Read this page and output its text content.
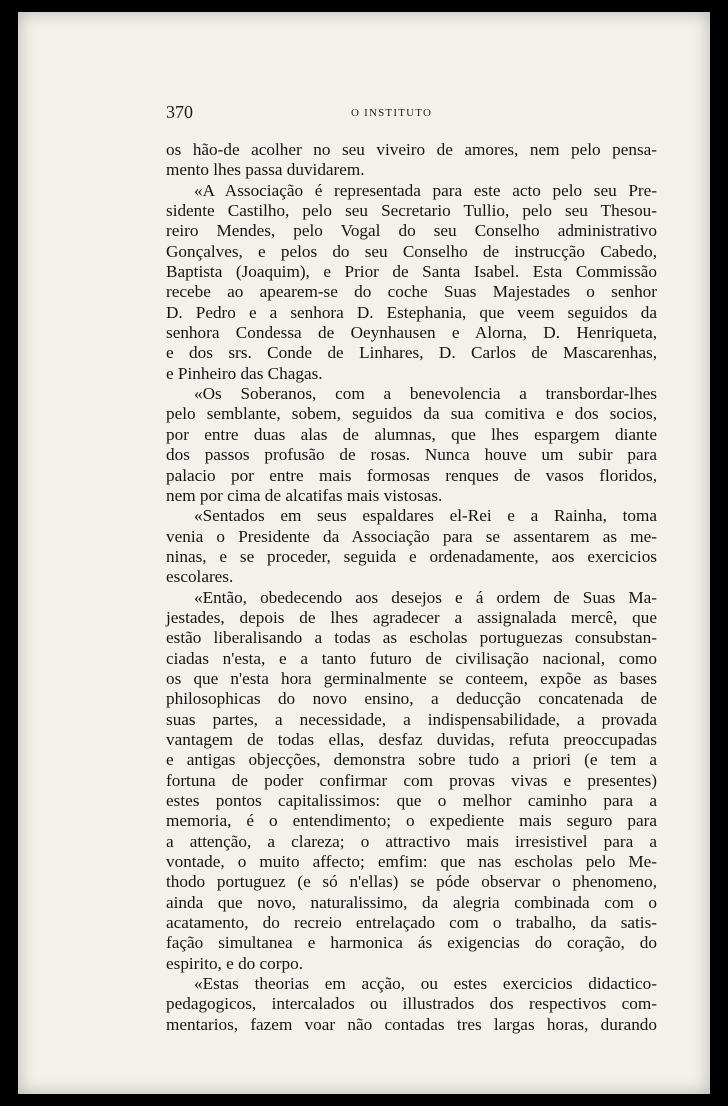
370	O INSTITUTO
os hão-de acolher no seu viveiro de amores, nem pelo pensa-
mento lhes passa duvidarem.
«A Associação é representada para este acto pelo seu Pre-
sidente Castilho, pelo seu Secretario Tullio, pelo seu Thesou-
reiro Mendes, pelo Vogal do seu Conselho administrativo
Gonçalves, e pelos do seu Conselho de instrucção Cabedo,
Baptista (Joaquim), e Prior de Santa Isabel. Esta Commissão
recebe ao apearem-se do coche Suas Majestades o senhor
D. Pedro e a senhora D. Estephania, que veem seguidos da
senhora Condessa de Oeynhausen e Alorna, D. Henriqueta,
e dos srs. Conde de Linhares, D. Carlos de Mascarenhas,
e Pinheiro das Chagas.
«Os Soberanos, com a benevolencia a transbordar-lhes
pelo semblante, sobem, seguidos da sua comitiva e dos socios,
por entre duas alas de alumnas, que lhes espargem diante
dos passos profusão de rosas. Nunca houve um subir para
palacio por entre mais formosas renques de vasos floridos,
nem por cima de alcatifas mais vistosas.
«Sentados em seus espaldares el-Rei e a Rainha, toma
venia o Presidente da Associação para se assentarem as me-
ninas, e se proceder, seguida e ordenadamente, aos exercicios
escolares.
«Então, obedecendo aos desejos e á ordem de Suas Ma-
jestades, depois de lhes agradecer a assignalada mercê, que
estão liberalisando a todas as escholas portuguezas consubstan-
ciadas n'esta, e a tanto futuro de civilisação nacional, como
os que n'esta hora germinalmente se conteem, expõe as bases
philosophicas do novo ensino, a deducção concatenada de
suas partes, a necessidade, a indispensabilidade, a provada
vantagem de todas ellas, desfaz duvidas, refuta preoccupadas
e antigas objecções, demonstra sobre tudo a priori (e tem a
fortuna de poder confirmar com provas vivas e presentes)
estes pontos capitalissimos: que o melhor caminho para a
memoria, é o entendimento; o expediente mais seguro para
a attenção, a clareza; o attractivo mais irresistivel para a
vontade, o muito affecto; emfim: que nas escholas pelo Me-
thodo portuguez (e só n'ellas) se póde observar o phenomeno,
ainda que novo, naturalissimo, da alegria combinada com o
acatamento, do recreio entrelaçado com o trabalho, da satis-
fação simultanea e harmonica ás exigencias do coração, do
espirito, e do corpo.
«Estas theorias em acção, ou estes exercicios didactico-
pedagogicos, intercalados ou illustrados dos respectivos com-
mentarios, fazem voar não contadas tres largas horas, durando
